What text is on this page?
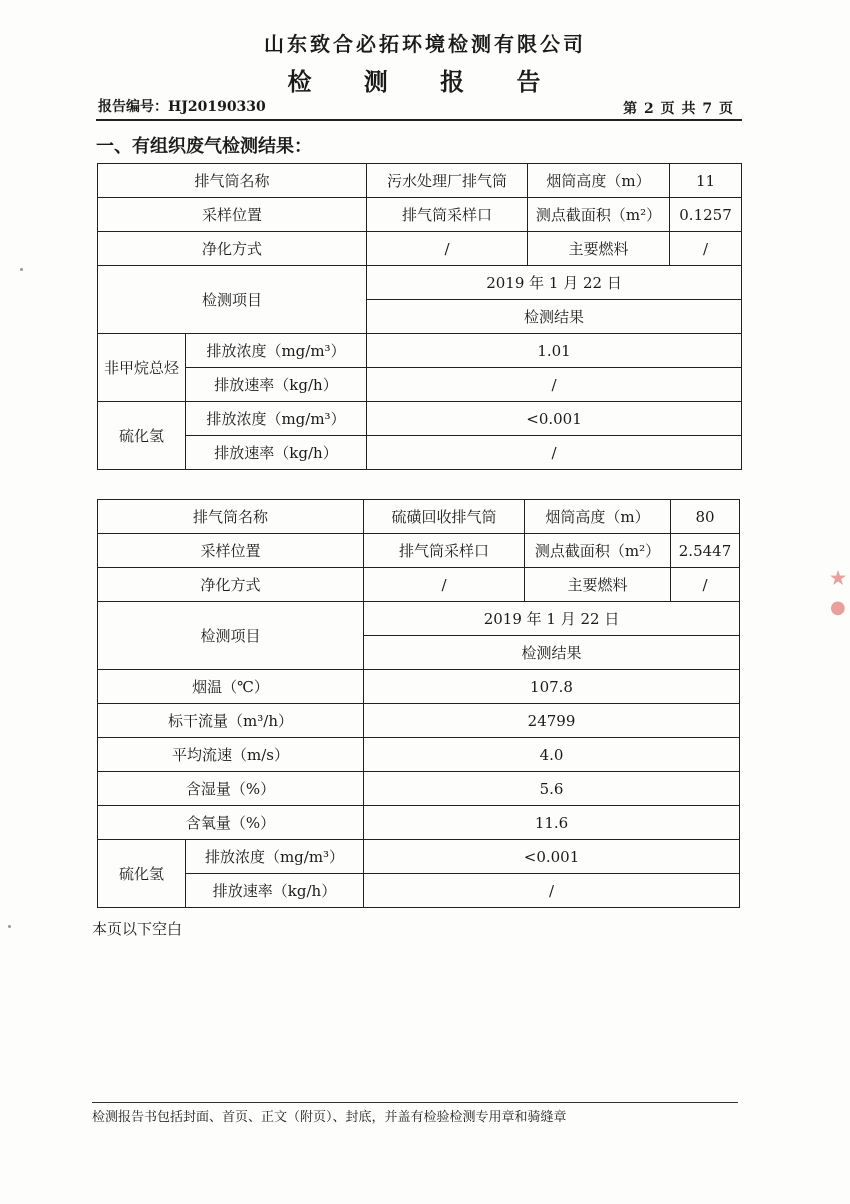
山东致合必拓环境检测有限公司
检 测 报 告
报告编号：HJ20190330	第 2 页 共 7 页
一、有组织废气检测结果：
排气筒名称		污水处理厂排气筒	烟筒高度（m）	11
采样位置		排气筒采样口	测点截面积（m²）	0.1257
净化方式		/	主要燃料	/
检测项目		2019 年 1 月 22 日		
		检测结果		
非甲烷总烃	排放浓度（mg/m³）	1.01		
	排放速率（kg/h）	/		
硫化氢	排放浓度（mg/m³）	<0.001		
	排放速率（kg/h）	/		
排气筒名称		硫磺回收排气筒	烟筒高度（m）	80
采样位置		排气筒采样口	测点截面积（m²）	2.5447
净化方式		/	主要燃料	/
检测项目		2019 年 1 月 22 日		
		检测结果		
烟温（℃）		107.8		
标干流量（m³/h）		24799		
平均流速（m/s）		4.0		
含湿量（%）		5.6		
含氧量（%）		11.6		
硫化氢	排放浓度（mg/m³）	<0.001		
	排放速率（kg/h）	/		
本页以下空白
检测报告书包括封面、首页、正文（附页）、封底，并盖有检验检测专用章和骑缝章
★
●
